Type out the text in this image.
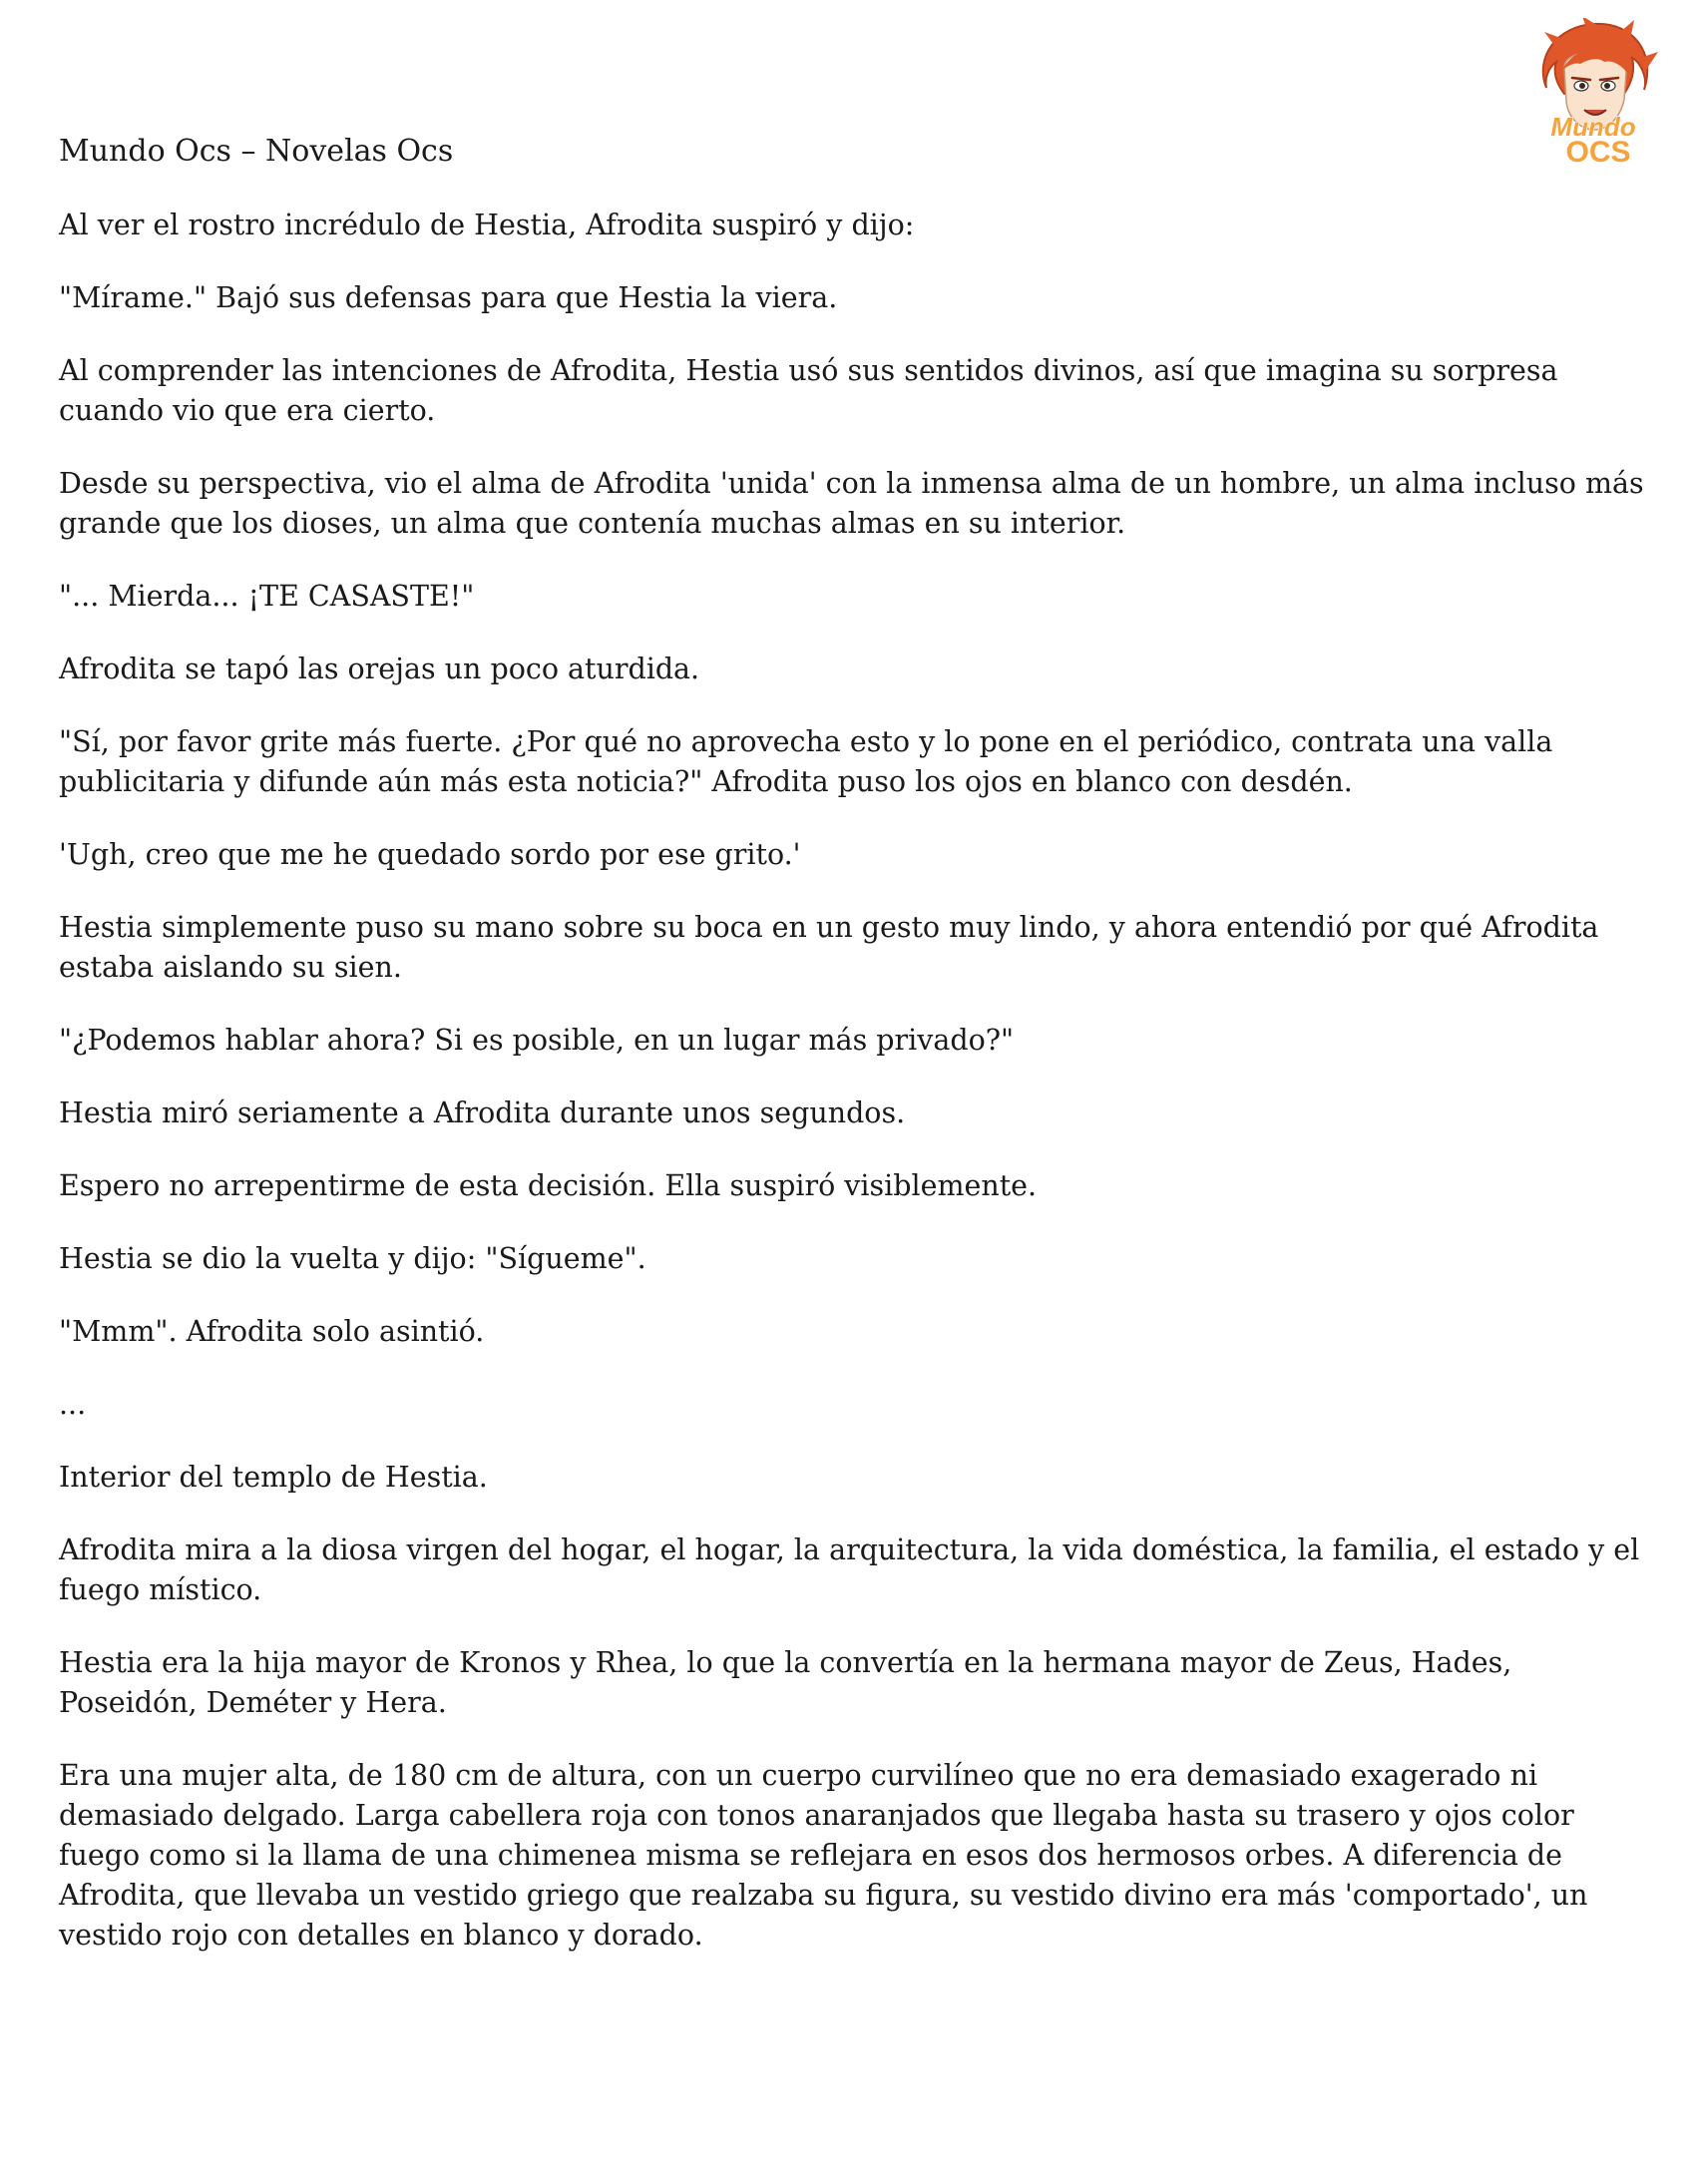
Mundo Ocs – Novelas Ocs

Al ver el rostro incrédulo de Hestia, Afrodita suspiró y dijo:

"Mírame." Bajó sus defensas para que Hestia la viera.

Al comprender las intenciones de Afrodita, Hestia usó sus sentidos divinos, así que imagina su sorpresa cuando vio que era cierto.

Desde su perspectiva, vio el alma de Afrodita 'unida' con la inmensa alma de un hombre, un alma incluso más grande que los dioses, un alma que contenía muchas almas en su interior.

"... Mierda... ¡TE CASASTE!"

Afrodita se tapó las orejas un poco aturdida.

"Sí, por favor grite más fuerte. ¿Por qué no aprovecha esto y lo pone en el periódico, contrata una valla publicitaria y difunde aún más esta noticia?" Afrodita puso los ojos en blanco con desdén.

'Ugh, creo que me he quedado sordo por ese grito.'

Hestia simplemente puso su mano sobre su boca en un gesto muy lindo, y ahora entendió por qué Afrodita estaba aislando su sien.

"¿Podemos hablar ahora? Si es posible, en un lugar más privado?"

Hestia miró seriamente a Afrodita durante unos segundos.

Espero no arrepentirme de esta decisión. Ella suspiró visiblemente.

Hestia se dio la vuelta y dijo: "Sígueme".

"Mmm". Afrodita solo asintió.

...

Interior del templo de Hestia.

Afrodita mira a la diosa virgen del hogar, el hogar, la arquitectura, la vida doméstica, la familia, el estado y el fuego místico.

Hestia era la hija mayor de Kronos y Rhea, lo que la convertía en la hermana mayor de Zeus, Hades, Poseidón, Deméter y Hera.

Era una mujer alta, de 180 cm de altura, con un cuerpo curvilíneo que no era demasiado exagerado ni demasiado delgado. Larga cabellera roja con tonos anaranjados que llegaba hasta su trasero y ojos color fuego como si la llama de una chimenea misma se reflejara en esos dos hermosos orbes. A diferencia de Afrodita, que llevaba un vestido griego que realzaba su figura, su vestido divino era más 'comportado', un vestido rojo con detalles en blanco y dorado.

Mundo
OCS
